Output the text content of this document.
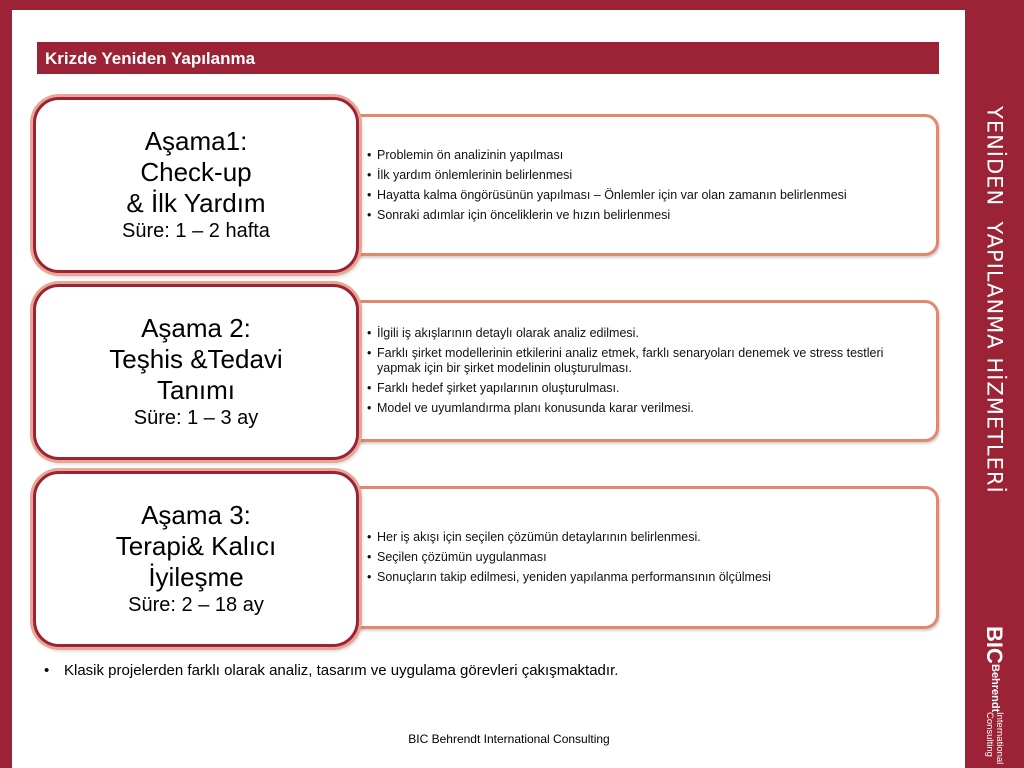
YENİDEN  YAPILANMA HİZMETLERİ
BIC
Behrendt
International Consulting
Krizde Yeniden Yapılanma
• Problemin ön analizinin yapılması
• İlk yardım önlemlerinin belirlenmesi
• Hayatta kalma öngörüsünün yapılması – Önlemler için var olan zamanın belirlenmesi
• Sonraki adımlar için önceliklerin ve hızın belirlenmesi
Aşama1:
Check-up
& İlk Yardım
Süre: 1 – 2 hafta
• İlgili iş akışlarının detaylı olarak analiz edilmesi.
• Farklı şirket modellerinin etkilerini analiz etmek, farklı senaryoları denemek ve stress testleri yapmak için bir şirket modelinin oluşturulması.
• Farklı hedef şirket yapılarının oluşturulması.
• Model ve uyumlandırma planı konusunda karar verilmesi.
Aşama 2:
Teşhis &Tedavi
Tanımı
Süre: 1 – 3 ay
• Her iş akışı için seçilen çözümün detaylarının belirlenmesi.
• Seçilen çözümün uygulanması
• Sonuçların takip edilmesi, yeniden yapılanma performansının ölçülmesi
Aşama 3:
Terapi& Kalıcı
İyileşme
Süre: 2 – 18 ay
• Klasik projelerden farklı olarak analiz, tasarım ve uygulama görevleri çakışmaktadır.
BIC Behrendt International Consulting
